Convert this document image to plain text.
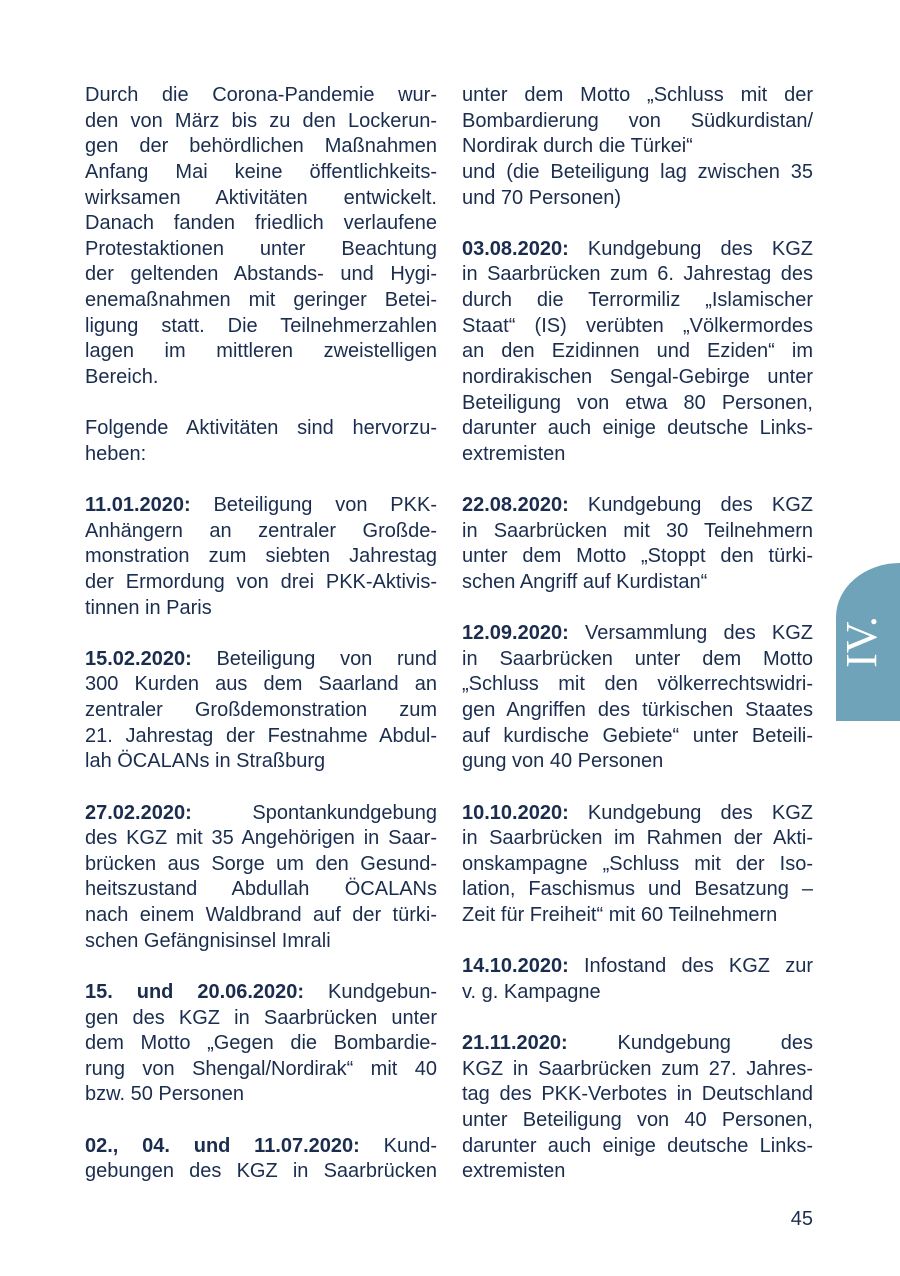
Durch die Corona-Pandemie wur-
den von März bis zu den Lockerun-
gen der behördlichen Maßnahmen
Anfang Mai keine öffentlichkeits-
wirksamen Aktivitäten entwickelt.
Danach fanden friedlich verlaufene
Protestaktionen unter Beachtung
der geltenden Abstands- und Hygi-
enemaßnahmen mit geringer Betei-
ligung statt. Die Teilnehmerzahlen
lagen im mittleren zweistelligen
Bereich.
Folgende Aktivitäten sind hervorzu-
heben:
11.01.2020: Beteiligung von PKK-
Anhängern an zentraler Großde-
monstration zum siebten Jahrestag
der Ermordung von drei PKK-Aktivis-
tinnen in Paris
15.02.2020: Beteiligung von rund
300 Kurden aus dem Saarland an
zentraler Großdemonstration zum
21. Jahrestag der Festnahme Abdul-
lah ÖCALANs in Straßburg
27.02.2020:	Spontankundgebung
des KGZ mit 35 Angehörigen in Saar-
brücken aus Sorge um den Gesund-
heitszustand Abdullah ÖCALANs
nach einem Waldbrand auf der türki-
schen Gefängnisinsel Imrali
15. und 20.06.2020: Kundgebun-
gen des KGZ in Saarbrücken unter
dem Motto „Gegen die Bombardie-
rung von Shengal/Nordirak“ mit 40
bzw. 50 Personen
02., 04. und 11.07.2020: Kund-
gebungen des KGZ in Saarbrücken
unter dem Motto „Schluss mit der
Bombardierung von Südkurdistan/
Nordirak durch die Türkei“
und (die Beteiligung lag zwischen 35
und 70 Personen)
03.08.2020: Kundgebung des KGZ
in Saarbrücken zum 6. Jahrestag des
durch die Terrormiliz „Islamischer
Staat“ (IS) verübten „Völkermordes
an den Ezidinnen und Eziden“ im
nordirakischen Sengal-Gebirge unter
Beteiligung von etwa 80 Personen,
darunter auch einige deutsche Links-
extremisten
22.08.2020: Kundgebung des KGZ
in Saarbrücken mit 30 Teilnehmern
unter dem Motto „Stoppt den türki-
schen Angriff auf Kurdistan“
12.09.2020: Versammlung des KGZ
in Saarbrücken unter dem Motto
„Schluss mit den völkerrechtswidri-
gen Angriffen des türkischen Staates
auf kurdische Gebiete“ unter Beteili-
gung von 40 Personen
10.10.2020: Kundgebung des KGZ
in Saarbrücken im Rahmen der Akti-
onskampagne „Schluss mit der Iso-
lation, Faschismus und Besatzung –
Zeit für Freiheit“ mit 60 Teilnehmern
14.10.2020: Infostand des KGZ zur
v. g. Kampagne
21.11.2020: Kundgebung des
KGZ in Saarbrücken zum 27. Jahres-
tag des PKK-Verbotes in Deutschland
unter Beteiligung von 40 Personen,
darunter auch einige deutsche Links-
extremisten
IV.
45
